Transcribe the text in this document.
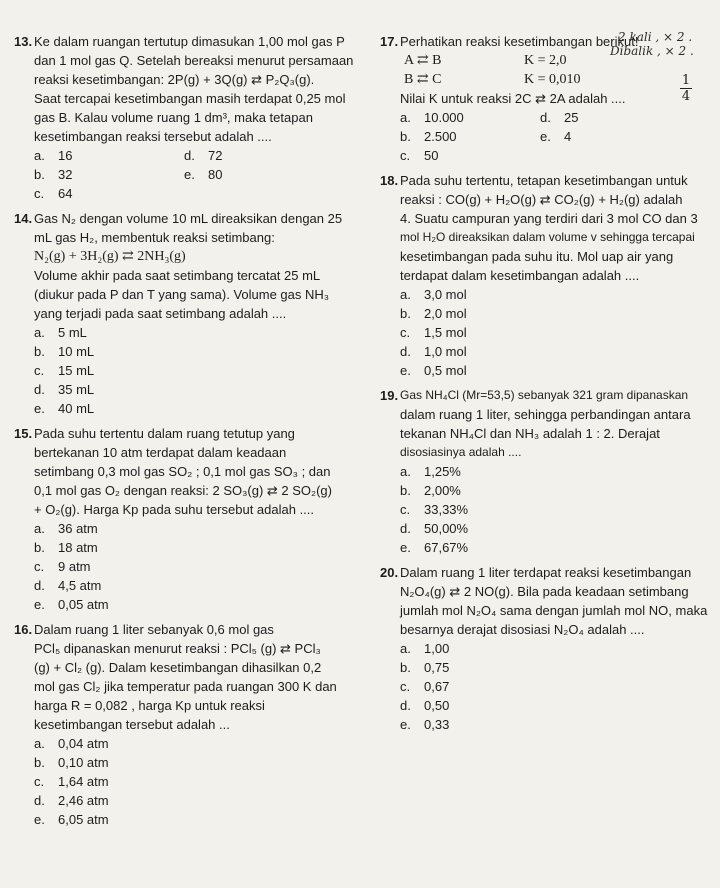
13. Ke dalam ruangan tertutup dimasukan 1,00 mol gas P
dan 1 mol gas Q. Setelah bereaksi menurut persamaan
reaksi kesetimbangan: 2P(g) + 3Q(g) ⇄ P₂Q₃(g).
Saat tercapai kesetimbangan masih terdapat 0,25 mol
gas B. Kalau volume ruang 1 dm³, maka tetapan
kesetimbangan reaksi tersebut adalah ....
a.	16	d.	72
b.	32	e.	80
c.	64
14. Gas N₂ dengan volume 10 mL direaksikan dengan 25
mL gas H₂, membentuk reaksi setimbang:
N₂(g) + 3H₂(g) ⇄ 2NH₃(g)
Volume akhir pada saat setimbang tercatat 25 mL
(diukur pada P dan T yang sama). Volume gas NH₃
yang terjadi pada saat setimbang adalah ....
a.	5 mL
b.	10 mL
c.	15 mL
d.	35 mL
e.	40 mL
15. Pada suhu tertentu dalam ruang tetutup yang
bertekanan 10 atm terdapat dalam keadaan
setimbang 0,3 mol gas SO₂ ; 0,1 mol gas SO₃ ; dan
0,1 mol gas O₂ dengan reaksi: 2 SO₃(g) ⇄ 2 SO₂(g)
+ O₂(g). Harga Kp pada suhu tersebut adalah ....
a.	36 atm
b.	18 atm
c.	9 atm
d.	4,5 atm
e.	0,05 atm
16. Dalam ruang 1 liter sebanyak 0,6 mol gas
PCl₅ dipanaskan menurut reaksi : PCl₅ (g) ⇄ PCl₃
(g) + Cl₂ (g). Dalam kesetimbangan dihasilkan 0,2
mol gas Cl₂ jika temperatur pada ruangan 300 K dan
harga R = 0,082 , harga Kp untuk reaksi
kesetimbangan tersebut adalah ...
a.	0,04 atm
b.	0,10 atm
c.	1,64 atm
d.	2,46 atm
e.	6,05 atm
17. Perhatikan reaksi kesetimbangan berikut!
A ⇄ B	K = 2,0
B ⇄ C	K = 0,010
Nilai K untuk reaksi 2C ⇄ 2A adalah ....
a.	10.000	d.	25
b.	2.500	e.	4
c.	50
2 kali , × 2 .
Dibalik , × 2 .
1
4
18. Pada suhu tertentu, tetapan kesetimbangan untuk
reaksi : CO(g) + H₂O(g) ⇄ CO₂(g) + H₂(g) adalah
4. Suatu campuran yang terdiri dari 3 mol CO dan 3
mol H₂O direaksikan dalam volume v sehingga tercapai
kesetimbangan pada suhu itu. Mol uap air yang
terdapat dalam kesetimbangan adalah ....
a.	3,0 mol
b.	2,0 mol
c.	1,5 mol
d.	1,0 mol
e.	0,5 mol
19. Gas NH₄Cl (Mr=53,5) sebanyak 321 gram dipanaskan
dalam ruang 1 liter, sehingga perbandingan antara
tekanan NH₄Cl dan NH₃ adalah 1 : 2. Derajat
disosiasinya adalah ....
a.	1,25%
b.	2,00%
c.	33,33%
d.	50,00%
e.	67,67%
20. Dalam ruang 1 liter terdapat reaksi kesetimbangan
N₂O₄(g) ⇄ 2 NO(g). Bila pada keadaan setimbang
jumlah mol N₂O₄ sama dengan jumlah mol NO, maka
besarnya derajat disosiasi N₂O₄ adalah ....
a.	1,00
b.	0,75
c.	0,67
d.	0,50
e.	0,33
